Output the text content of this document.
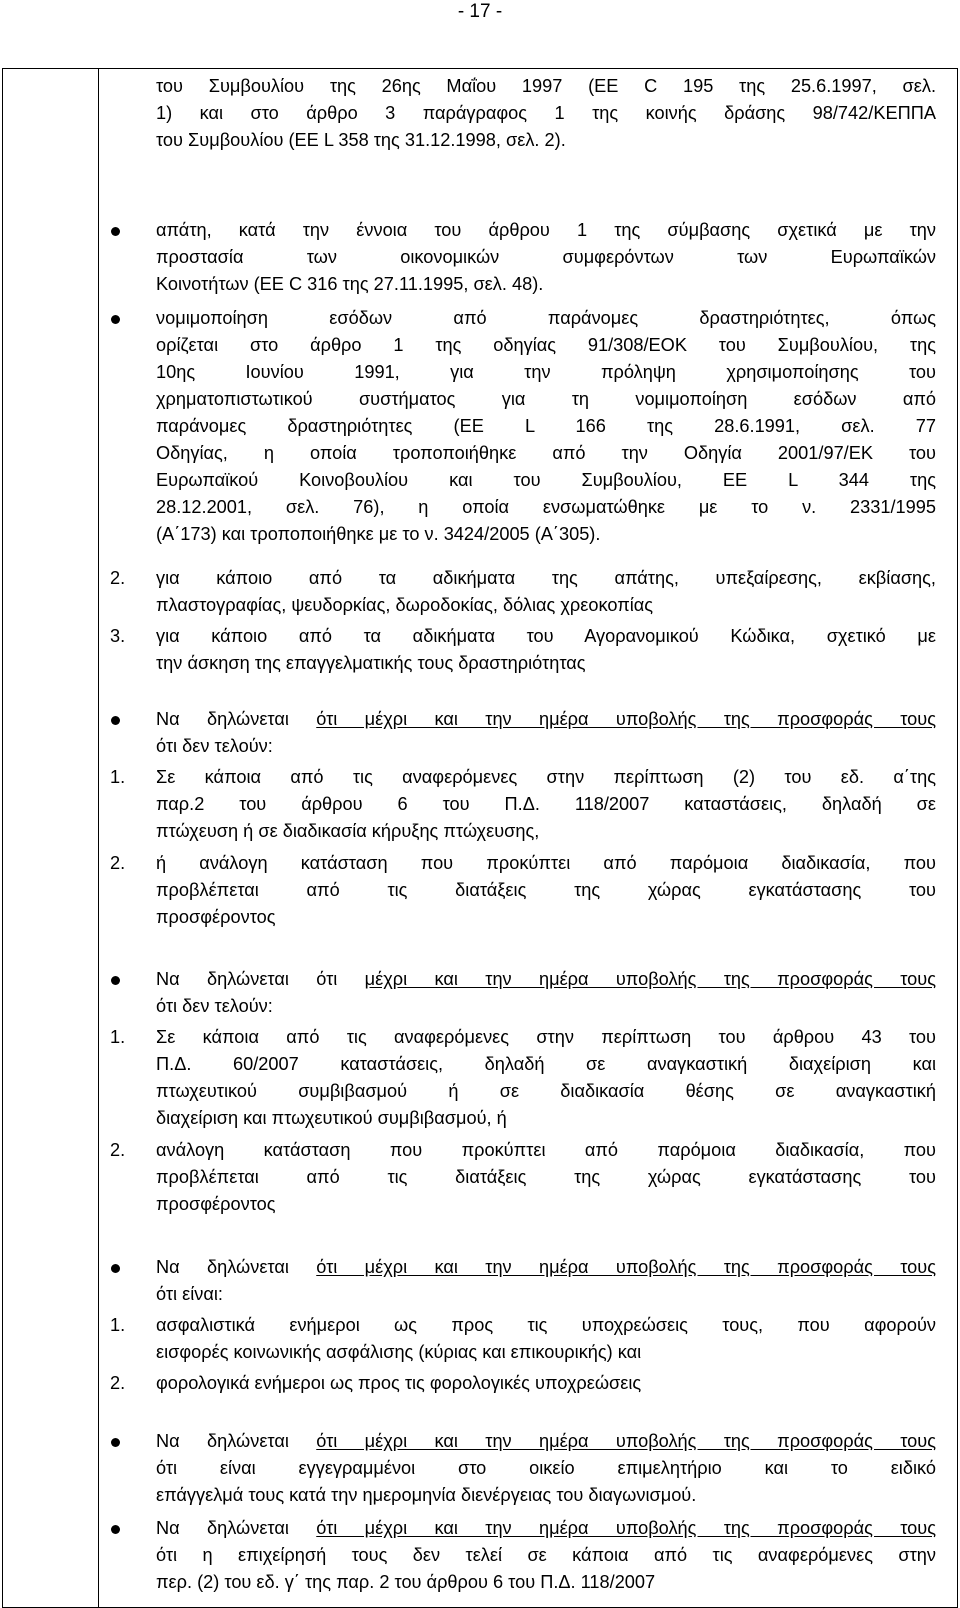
- 17 -
του Συμβουλίου της 26ης Μαΐου 1997 (ΕΕ C 195 της 25.6.1997, σελ.
1) και στο άρθρο 3 παράγραφος 1 της κοινής δράσης 98/742/ΚΕΠΠΑ
του Συμβουλίου (ΕΕ L 358 της 31.12.1998, σελ. 2).
απάτη, κατά την έννοια του άρθρου 1 της σύμβασης σχετικά με την
προστασία των οικονομικών συμφερόντων των Ευρωπαϊκών
Κοινοτήτων (ΕΕ C 316 της 27.11.1995, σελ. 48).
νομιμοποίηση εσόδων από παράνομες δραστηριότητες, όπως
ορίζεται στο άρθρο 1 της οδηγίας 91/308/ΕΟΚ του Συμβουλίου, της
10ης Ιουνίου 1991, για την πρόληψη χρησιμοποίησης του
χρηματοπιστωτικού συστήματος για τη νομιμοποίηση εσόδων από
παράνομες δραστηριότητες (ΕΕ L 166 της 28.6.1991, σελ. 77
Οδηγίας, η οποία τροποποιήθηκε από την Οδηγία 2001/97/ΕΚ του
Ευρωπαϊκού Κοινοβουλίου και του Συμβουλίου, ΕΕ L 344 της
28.12.2001, σελ. 76), η οποία ενσωματώθηκε με το ν. 2331/1995
(Α΄173) και τροποποιήθηκε με το ν. 3424/2005 (Α΄305).
2.	για κάποιο από τα αδικήματα της απάτης, υπεξαίρεσης, εκβίασης,
πλαστογραφίας, ψευδορκίας, δωροδοκίας, δόλιας χρεοκοπίας
3.	για κάποιο από τα αδικήματα του Αγορανομικού Κώδικα, σχετικό με
την άσκηση της επαγγελματικής τους δραστηριότητας
Να δηλώνεται ότι μέχρι και την ημέρα υποβολής της προσφοράς τους
ότι δεν τελούν:
1.	Σε κάποια από τις αναφερόμενες στην περίπτωση (2) του εδ. α΄της
παρ.2 του άρθρου 6 του Π.Δ. 118/2007 καταστάσεις, δηλαδή σε
πτώχευση ή σε διαδικασία κήρυξης πτώχευσης,
2.	ή ανάλογη κατάσταση που προκύπτει από παρόμοια διαδικασία, που
προβλέπεται από τις διατάξεις της χώρας εγκατάστασης του
προσφέροντος
Να δηλώνεται ότι μέχρι και την ημέρα υποβολής της προσφοράς τους
ότι δεν τελούν:
1.	Σε κάποια από τις αναφερόμενες στην περίπτωση του άρθρου 43 του
Π.Δ. 60/2007 καταστάσεις, δηλαδή σε αναγκαστική διαχείριση και
πτωχευτικού συμβιβασμού ή σε διαδικασία θέσης σε αναγκαστική
διαχείριση και πτωχευτικού συμβιβασμού, ή
2.	ανάλογη κατάσταση που προκύπτει από παρόμοια διαδικασία, που
προβλέπεται από τις διατάξεις της χώρας εγκατάστασης του
προσφέροντος
Να δηλώνεται ότι μέχρι και την ημέρα υποβολής της προσφοράς τους
ότι είναι:
1.	ασφαλιστικά ενήμεροι ως προς τις υποχρεώσεις τους, που αφορούν
εισφορές κοινωνικής ασφάλισης (κύριας και επικουρικής) και
2.	φορολογικά ενήμεροι ως προς τις φορολογικές υποχρεώσεις
Να δηλώνεται ότι μέχρι και την ημέρα υποβολής της προσφοράς τους
ότι είναι εγγεγραμμένοι στο οικείο επιμελητήριο και το ειδικό
επάγγελμά τους κατά την ημερομηνία διενέργειας του διαγωνισμού.
Να δηλώνεται ότι μέχρι και την ημέρα υποβολής της προσφοράς τους
ότι η επιχείρησή τους δεν τελεί σε κάποια από τις αναφερόμενες στην
περ. (2) του εδ. γ΄ της παρ. 2 του άρθρου 6 του Π.Δ. 118/2007
